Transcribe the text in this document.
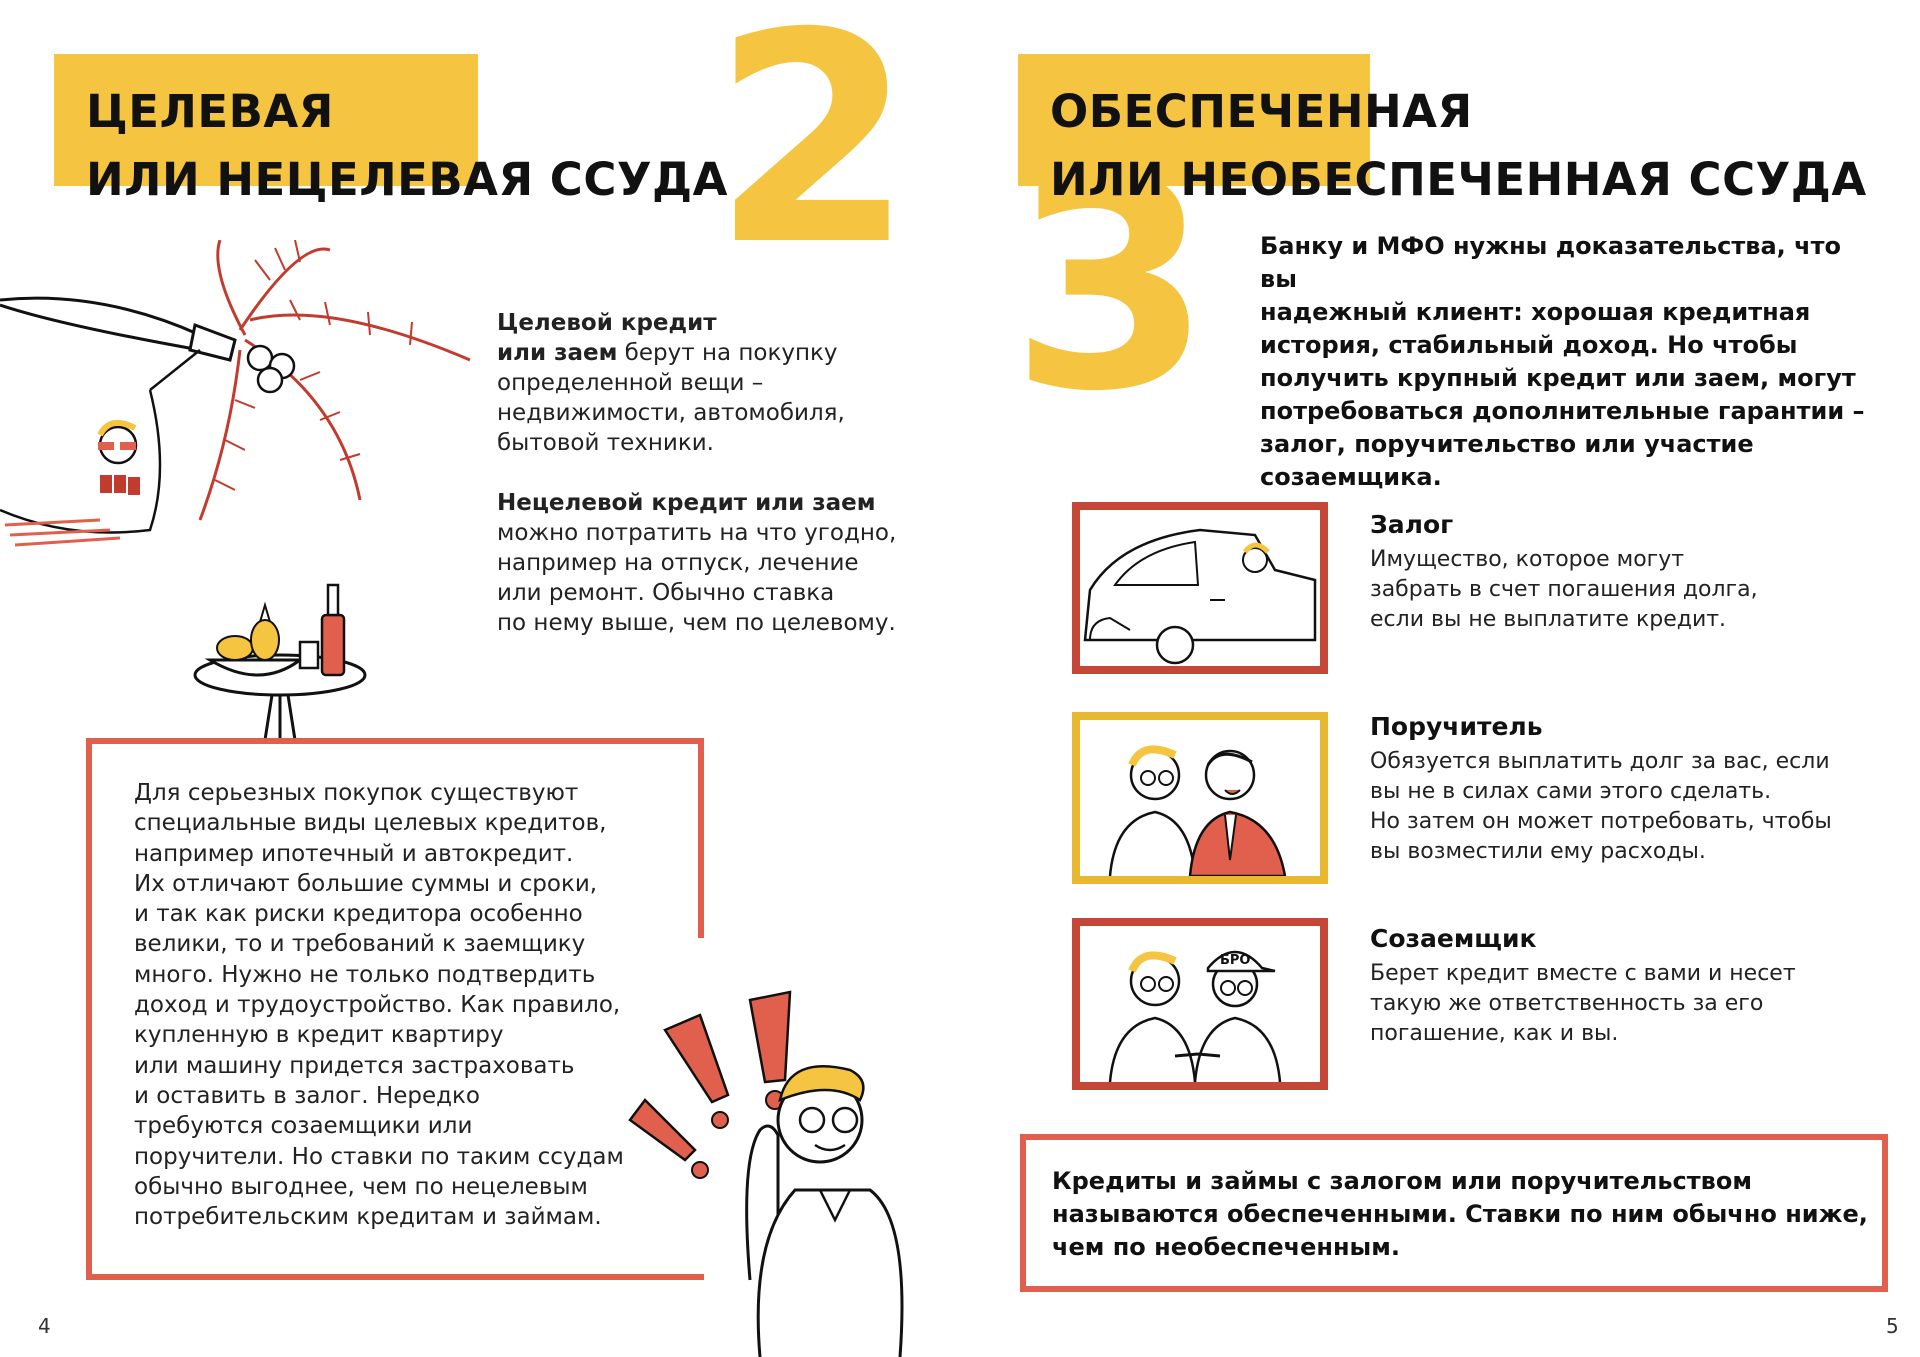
2
ЦЕЛЕВАЯ
ИЛИ НЕЦЕЛЕВАЯ ССУДА
Целевой кредит
или заем берут на покупку
определенной вещи –
недвижимости, автомобиля,
бытовой техники.
Нецелевой кредит или заем
можно потратить на что угодно,
например на отпуск, лечение
или ремонт. Обычно ставка
по нему выше, чем по целевому.
Для серьезных покупок существуют
специальные виды целевых кредитов,
например ипотечный и автокредит.
Их отличают большие суммы и сроки,
и так как риски кредитора особенно
велики, то и требований к заемщику
много. Нужно не только подтвердить
доход и трудоустройство. Как правило,
купленную в кредит квартиру
или машину придется застраховать
и оставить в залог. Нередко
требуются созаемщики или
поручители. Но ставки по таким ссудам
обычно выгоднее, чем по нецелевым
потребительским кредитам и займам.
4
3
ОБЕСПЕЧЕННАЯ
ИЛИ НЕОБЕСПЕЧЕННАЯ ССУДА
Банку и МФО нужны доказательства, что вы
надежный клиент: хорошая кредитная
история, стабильный доход. Но чтобы
получить крупный кредит или заем, могут
потребоваться дополнительные гарантии –
залог, поручительство или участие
созаемщика.
Залог
Имущество, которое могут
забрать в счет погашения долга,
если вы не выплатите кредит.
Поручитель
Обязуется выплатить долг за вас, если
вы не в силах сами этого сделать.
Но затем он может потребовать, чтобы
вы возместили ему расходы.
БРО
Созаемщик
Берет кредит вместе с вами и несет
такую же ответственность за его
погашение, как и вы.
Кредиты и займы с залогом или поручительством
называются обеспеченными. Ставки по ним обычно ниже,
чем по необеспеченным.
5
